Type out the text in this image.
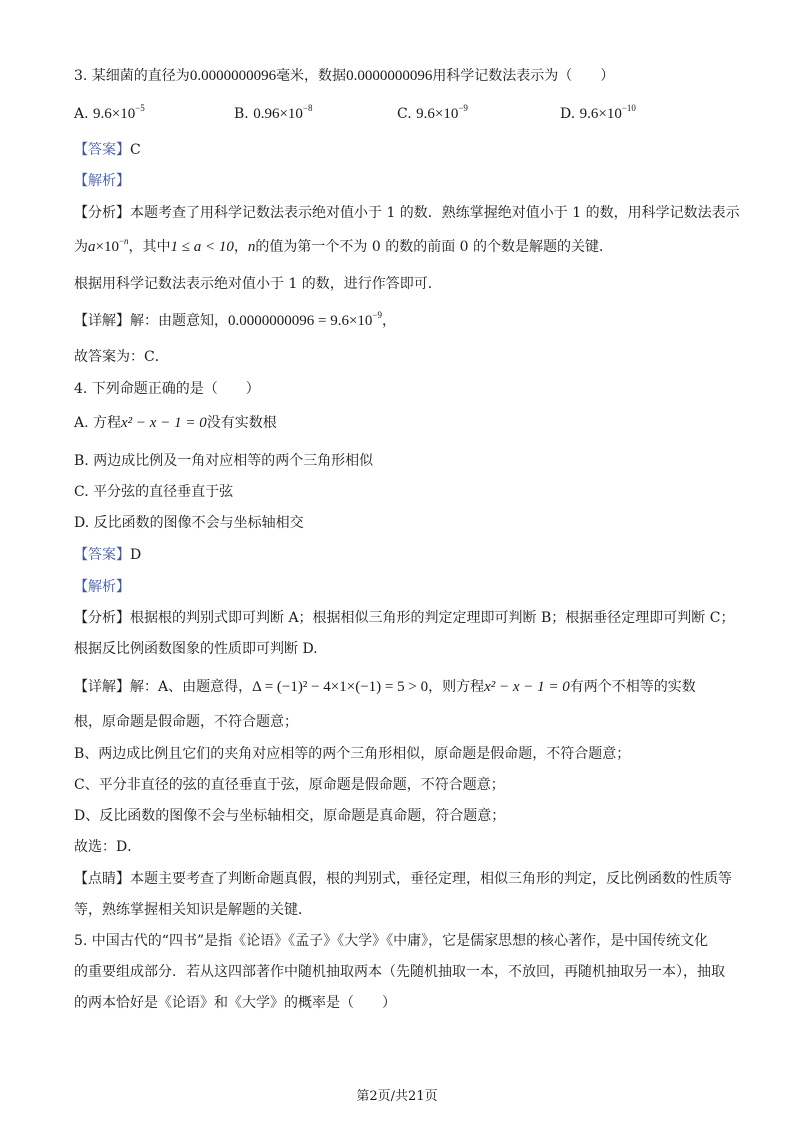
3. 某细菌的直径为0.0000000096毫米，数据0.0000000096用科学记数法表示为（　　）
A. $9.6\times 10^{-5}$	B. $0.96\times 10^{-8}$	C. $9.6\times 10^{-9}$	D. $9.6\times 10^{-10}$
【答案】C
【解析】
【分析】本题考查了用科学记数法表示绝对值小于 1 的数．熟练掌握绝对值小于 1 的数，用科学记数法表示
为$a\times 10^{-n}$，其中1 ≤ a < 10，n的值为第一个不为 0 的数的前面 0 的个数是解题的关键．
根据用科学记数法表示绝对值小于 1 的数，进行作答即可．
【详解】解：由题意知，$0.0000000096 = 9.6\times 10^{-9}$，
故答案为：C．
4. 下列命题正确的是（　　）
A. 方程x² − x − 1 = 0没有实数根
B. 两边成比例及一角对应相等的两个三角形相似
C. 平分弦的直径垂直于弦
D. 反比函数的图像不会与坐标轴相交
【答案】D
【解析】
【分析】根据根的判别式即可判断 A；根据相似三角形的判定定理即可判断 B；根据垂径定理即可判断 C；
根据反比例函数图象的性质即可判断 D.
【详解】解：A、由题意得，Δ = (−1)² − 4×1×(−1) = 5 > 0，则方程x² − x − 1 = 0有两个不相等的实数
根，原命题是假命题，不符合题意；
B、两边成比例且它们的夹角对应相等的两个三角形相似，原命题是假命题，不符合题意；
C、平分非直径的弦的直径垂直于弦，原命题是假命题，不符合题意；
D、反比函数的图像不会与坐标轴相交，原命题是真命题，符合题意；
故选：D．
【点睛】本题主要考查了判断命题真假，根的判别式，垂径定理，相似三角形的判定，反比例函数的性质等
等，熟练掌握相关知识是解题的关键．
5. 中国古代的“四书”是指《论语》《孟子》《大学》《中庸》，它是儒家思想的核心著作，是中国传统文化
的重要组成部分．若从这四部著作中随机抽取两本（先随机抽取一本，不放回，再随机抽取另一本），抽取
的两本恰好是《论语》和《大学》的概率是（　　）
第2页/共21页
